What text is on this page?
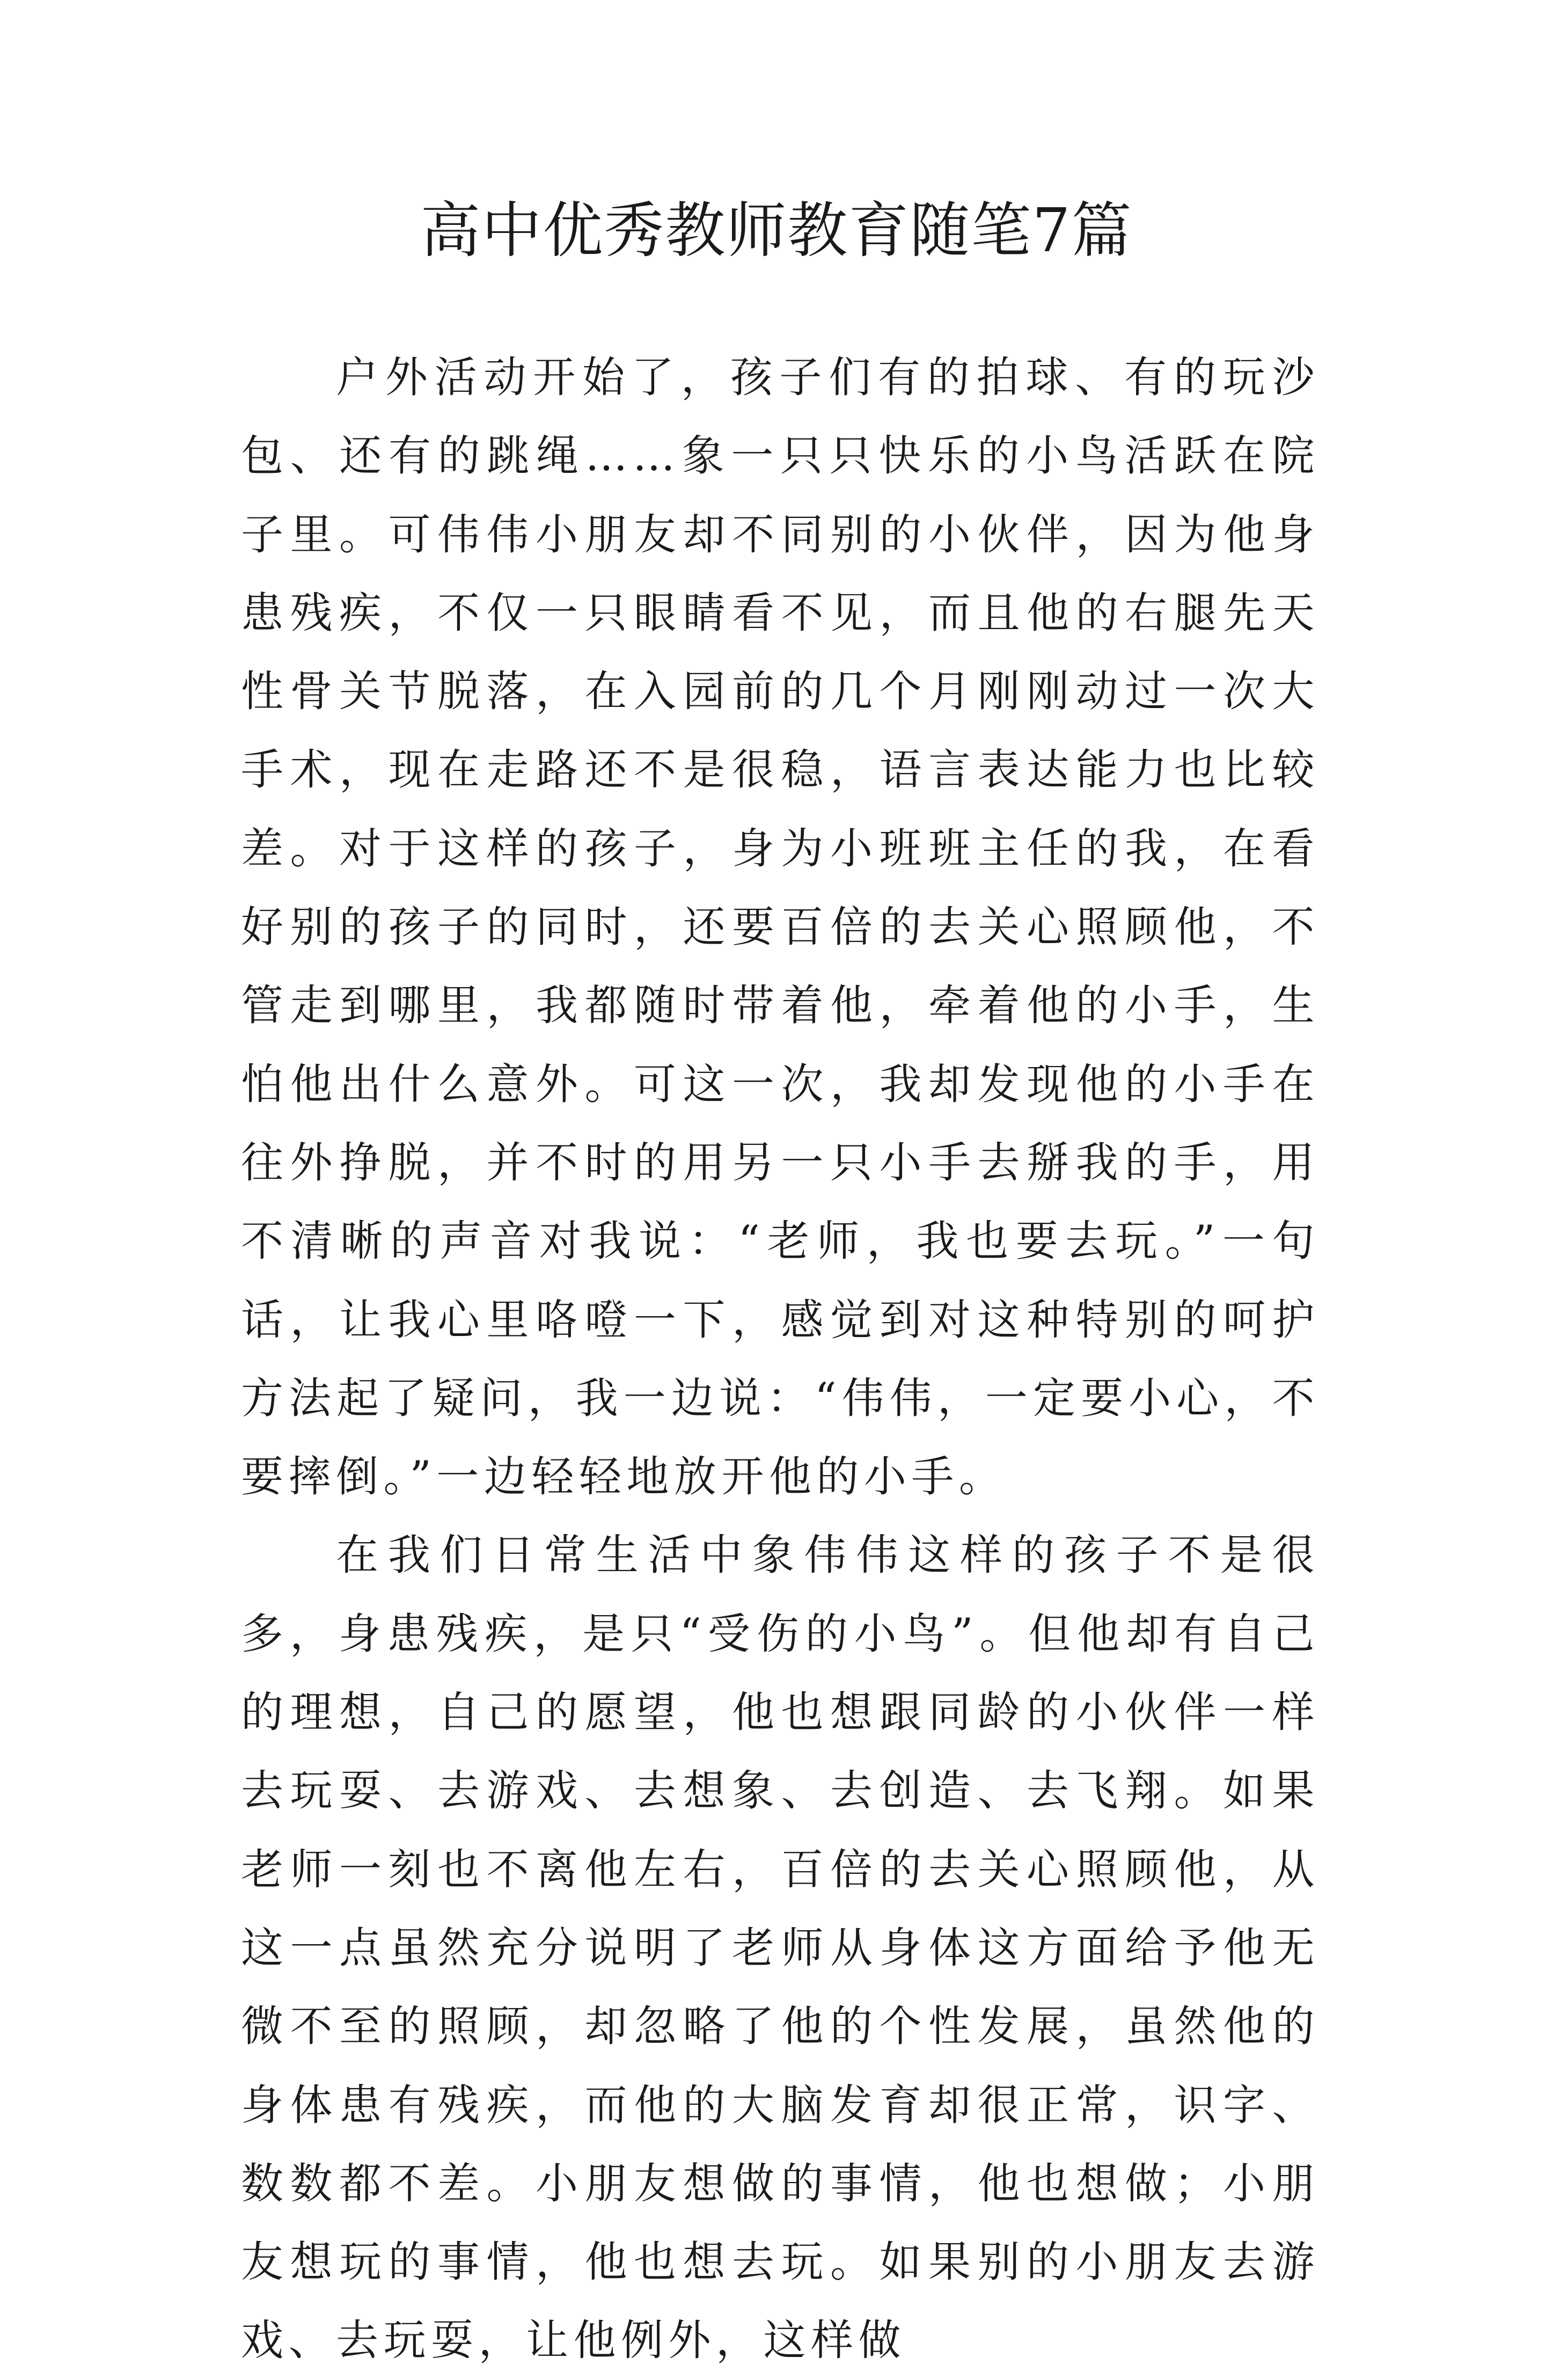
高中优秀教师教育随笔7篇

户外活动开始了，孩子们有的拍球、有的玩沙包、还有的跳绳……象一只只快乐的小鸟活跃在院子里。可伟伟小朋友却不同别的小伙伴，因为他身患残疾，不仅一只眼睛看不见，而且他的右腿先天性骨关节脱落，在入园前的几个月刚刚动过一次大手术，现在走路还不是很稳，语言表达能力也比较差。对于这样的孩子，身为小班班主任的我，在看好别的孩子的同时，还要百倍的去关心照顾他，不管走到哪里，我都随时带着他，牵着他的小手，生怕他出什么意外。可这一次，我却发现他的小手在往外挣脱，并不时的用另一只小手去掰我的手，用不清晰的声音对我说：“老师，我也要去玩。”一句话，让我心里咯噔一下，感觉到对这种特别的呵护方法起了疑问，我一边说：“伟伟，一定要小心，不要摔倒。”一边轻轻地放开他的小手。

在我们日常生活中象伟伟这样的孩子不是很多，身患残疾，是只“受伤的小鸟”。但他却有自己的理想，自己的愿望，他也想跟同龄的小伙伴一样去玩耍、去游戏、去想象、去创造、去飞翔。如果老师一刻也不离他左右，百倍的去关心照顾他，从这一点虽然充分说明了老师从身体这方面给予他无微不至的照顾，却忽略了他的个性发展，虽然他的身体患有残疾，而他的大脑发育却很正常，识字、数数都不差。小朋友想做的事情，他也想做；小朋友想玩的事情，他也想去玩。如果别的小朋友去游戏、去玩耍，让他例外，这样做
